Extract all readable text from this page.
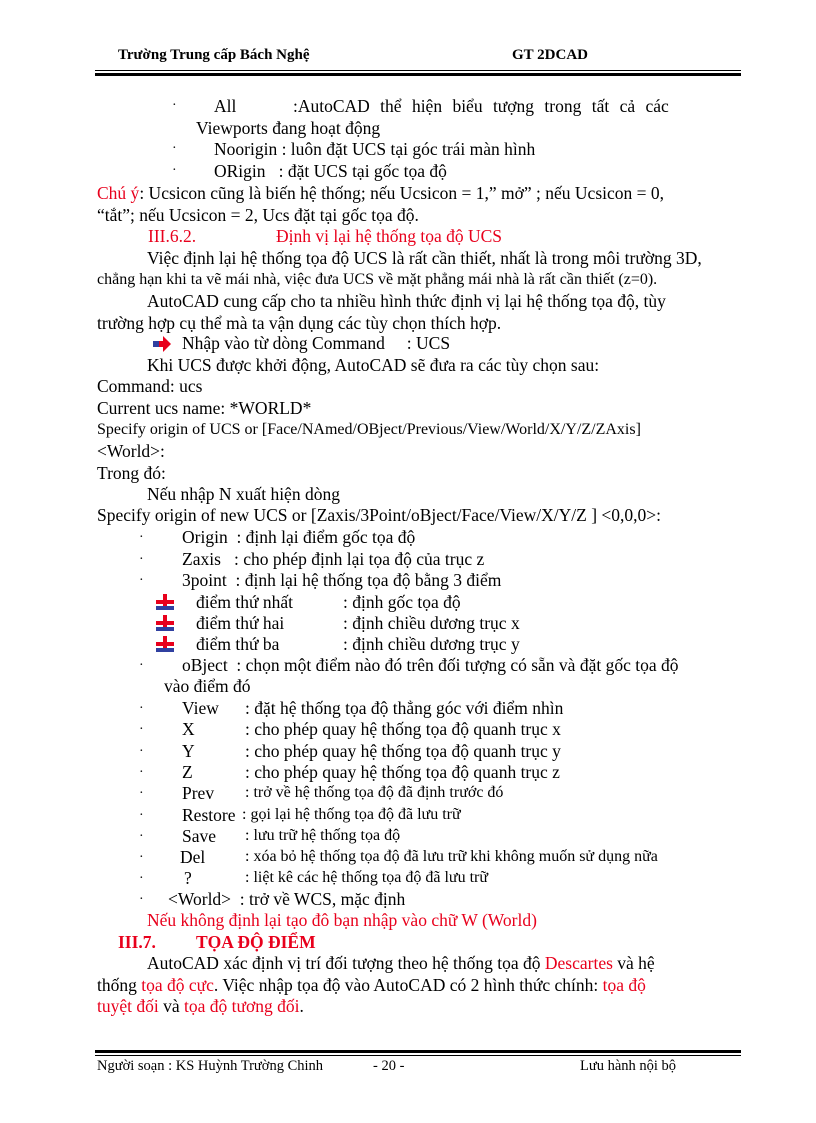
Trường Trung cấp Bách Nghệ	GT 2DCAD
· All	:AutoCAD thể hiện biểu tượng trong tất cả các
Viewports đang hoạt động
· Noorigin : luôn đặt UCS tại góc trái màn hình
· ORigin   : đặt UCS tại gốc tọa độ
Chú ý: Ucsicon cũng là biến hệ thống; nếu Ucsicon = 1,” mở” ; nếu Ucsicon = 0,
“tắt”; nếu Ucsicon = 2, Ucs đặt tại gốc tọa độ.
III.6.2.	Định vị lại hệ thống tọa độ UCS
Việc định lại hệ thống tọa độ UCS là rất cần thiết, nhất là trong môi trường 3D,
chẳng hạn khi ta vẽ mái nhà, việc đưa UCS về mặt phẳng mái nhà là rất cần thiết (z=0).
AutoCAD cung cấp cho ta nhiều hình thức định vị lại hệ thống tọa độ, tùy
trường hợp cụ thể mà ta vận dụng các tùy chọn thích hợp.
Nhập vào từ dòng Command     : UCS
Khi UCS được khởi động, AutoCAD sẽ đưa ra các tùy chọn sau:
Command: ucs
Current ucs name: *WORLD*
Specify origin of UCS or [Face/NAmed/OBject/Previous/View/World/X/Y/Z/ZAxis]
<World>:
Trong đó:
Nếu nhập N xuất hiện dòng
Specify origin of new UCS or [Zaxis/3Point/oBject/Face/View/X/Y/Z ] <0,0,0>:
· Origin  : định lại điểm gốc tọa độ
· Zaxis   : cho phép định lại tọa độ của trục z
· 3point  : định lại hệ thống tọa độ bằng 3 điểm
điểm thứ nhất	: định gốc tọa độ
điểm thứ hai	: định chiều dương trục x
điểm thứ ba	: định chiều dương trục y
· oBject  : chọn một điểm nào đó trên đối tượng có sẵn và đặt gốc tọa độ
vào điểm đó
· View : đặt hệ thống tọa độ thẳng góc với điểm nhìn
· X	: cho phép quay hệ thống tọa độ quanh trục x
· Y	: cho phép quay hệ thống tọa độ quanh trục y
· Z	: cho phép quay hệ thống tọa độ quanh trục z
· Prev : trở về hệ thống tọa độ đã định trước đó
· Restore : gọi lại hệ thống tọa độ đã lưu trữ
· Save : lưu trữ hệ thống tọa độ
· Del : xóa bỏ hệ thống tọa độ đã lưu trữ khi không muốn sử dụng nữa
· ?	: liệt kê các hệ thống tọa độ đã lưu trữ
· <World>  : trở về WCS, mặc định
Nếu không định lại tạo đô bạn nhập vào chữ W (World)
III.7. TỌA ĐỘ ĐIỂM
AutoCAD xác định vị trí đối tượng theo hệ thống tọa độ Descartes và hệ
thống tọa độ cực. Việc nhập tọa độ vào AutoCAD có 2 hình thức chính: tọa độ
tuyệt đối và tọa độ tương đối.
Người soạn : KS Huỳnh Trường Chinh	- 20 -	Lưu hành nội bộ
